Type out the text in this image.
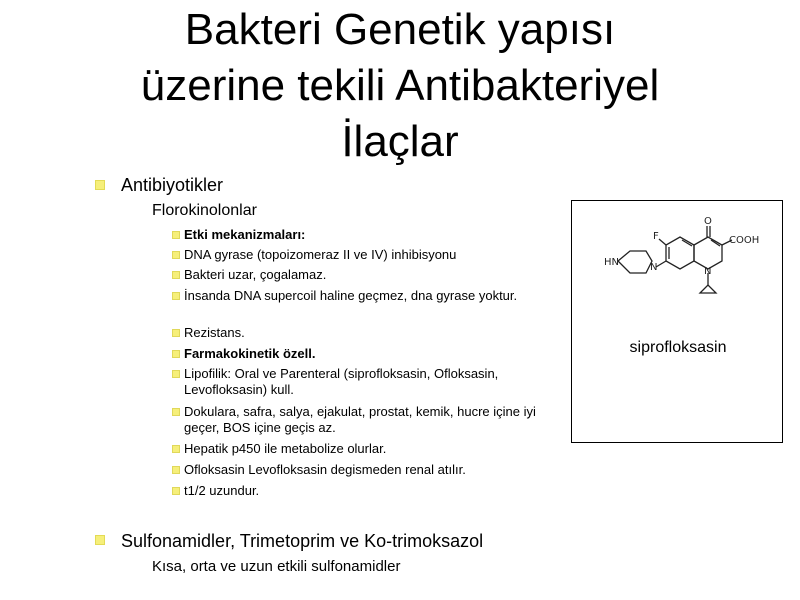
Bakteri Genetik yapısı
üzerine tekili Antibakteriyel
İlaçlar
Antibiyotikler
Florokinolonlar
Etki mekanizmaları:
DNA gyrase (topoizomeraz II ve IV) inhibisyonu
Bakteri uzar, çogalamaz.
İnsanda DNA supercoil haline geçmez, dna gyrase yoktur.
Rezistans.
Farmakokinetik özell.
Lipofilik: Oral ve Parenteral (siprofloksasin, Ofloksasin, Levofloksasin) kull.
Dokulara, safra, salya, ejakulat, prostat, kemik, hucre içine iyi geçer, BOS içine geçis az.
Hepatik p450 ile metabolize olurlar.
Ofloksasin Levofloksasin degismeden renal atılır.
t1/2 uzundur.
Sulfonamidler, Trimetoprim ve Ko-trimoksazol
Kısa, orta ve uzun etkili sulfonamidler
HN	N
F
O
COOH
N
siprofloksasin
